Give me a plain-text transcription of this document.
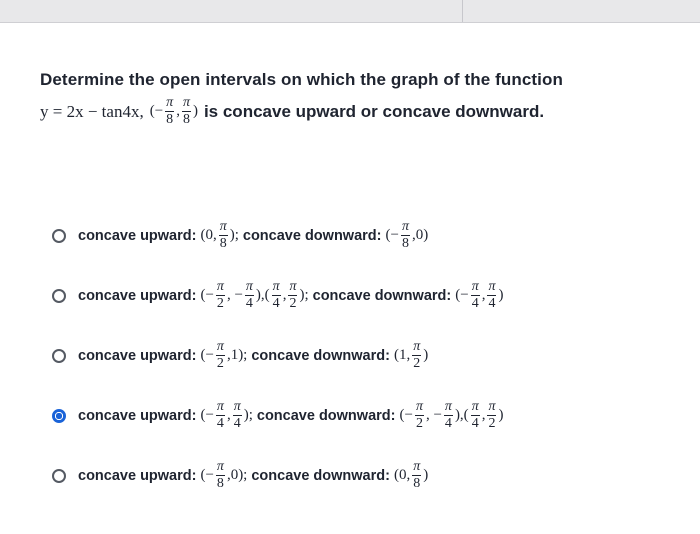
Determine the open intervals on which the graph of the function
y = 2x − tan4x, (− $\frac{\pi}{8}$ , $\frac{\pi}{8}$ ) is concave upward or concave downward.
concave upward: (0, $\frac{\pi}{8}$ ); concave downward: (− $\frac{\pi}{8} ,0$)
concave upward: (− $\frac{\pi}{2}$ , − $\frac{\pi}{4}$ ),( $\frac{\pi}{4}$ , $\frac{\pi}{2}$ ); concave downward: (− $\frac{\pi}{4}$ , $\frac{\pi}{4}$ )
concave upward: (− $\frac{\pi}{2} ,1$); concave downward: (1, $\frac{\pi}{2}$ )
concave upward: (− $\frac{\pi}{4}$ , $\frac{\pi}{4}$ ); concave downward: (− $\frac{\pi}{2}$ , − $\frac{\pi}{4}$ ),( $\frac{\pi}{4}$ , $\frac{\pi}{2}$ )
concave upward: (− $\frac{\pi}{8} ,0$); concave downward: (0, $\frac{\pi}{8}$ )
